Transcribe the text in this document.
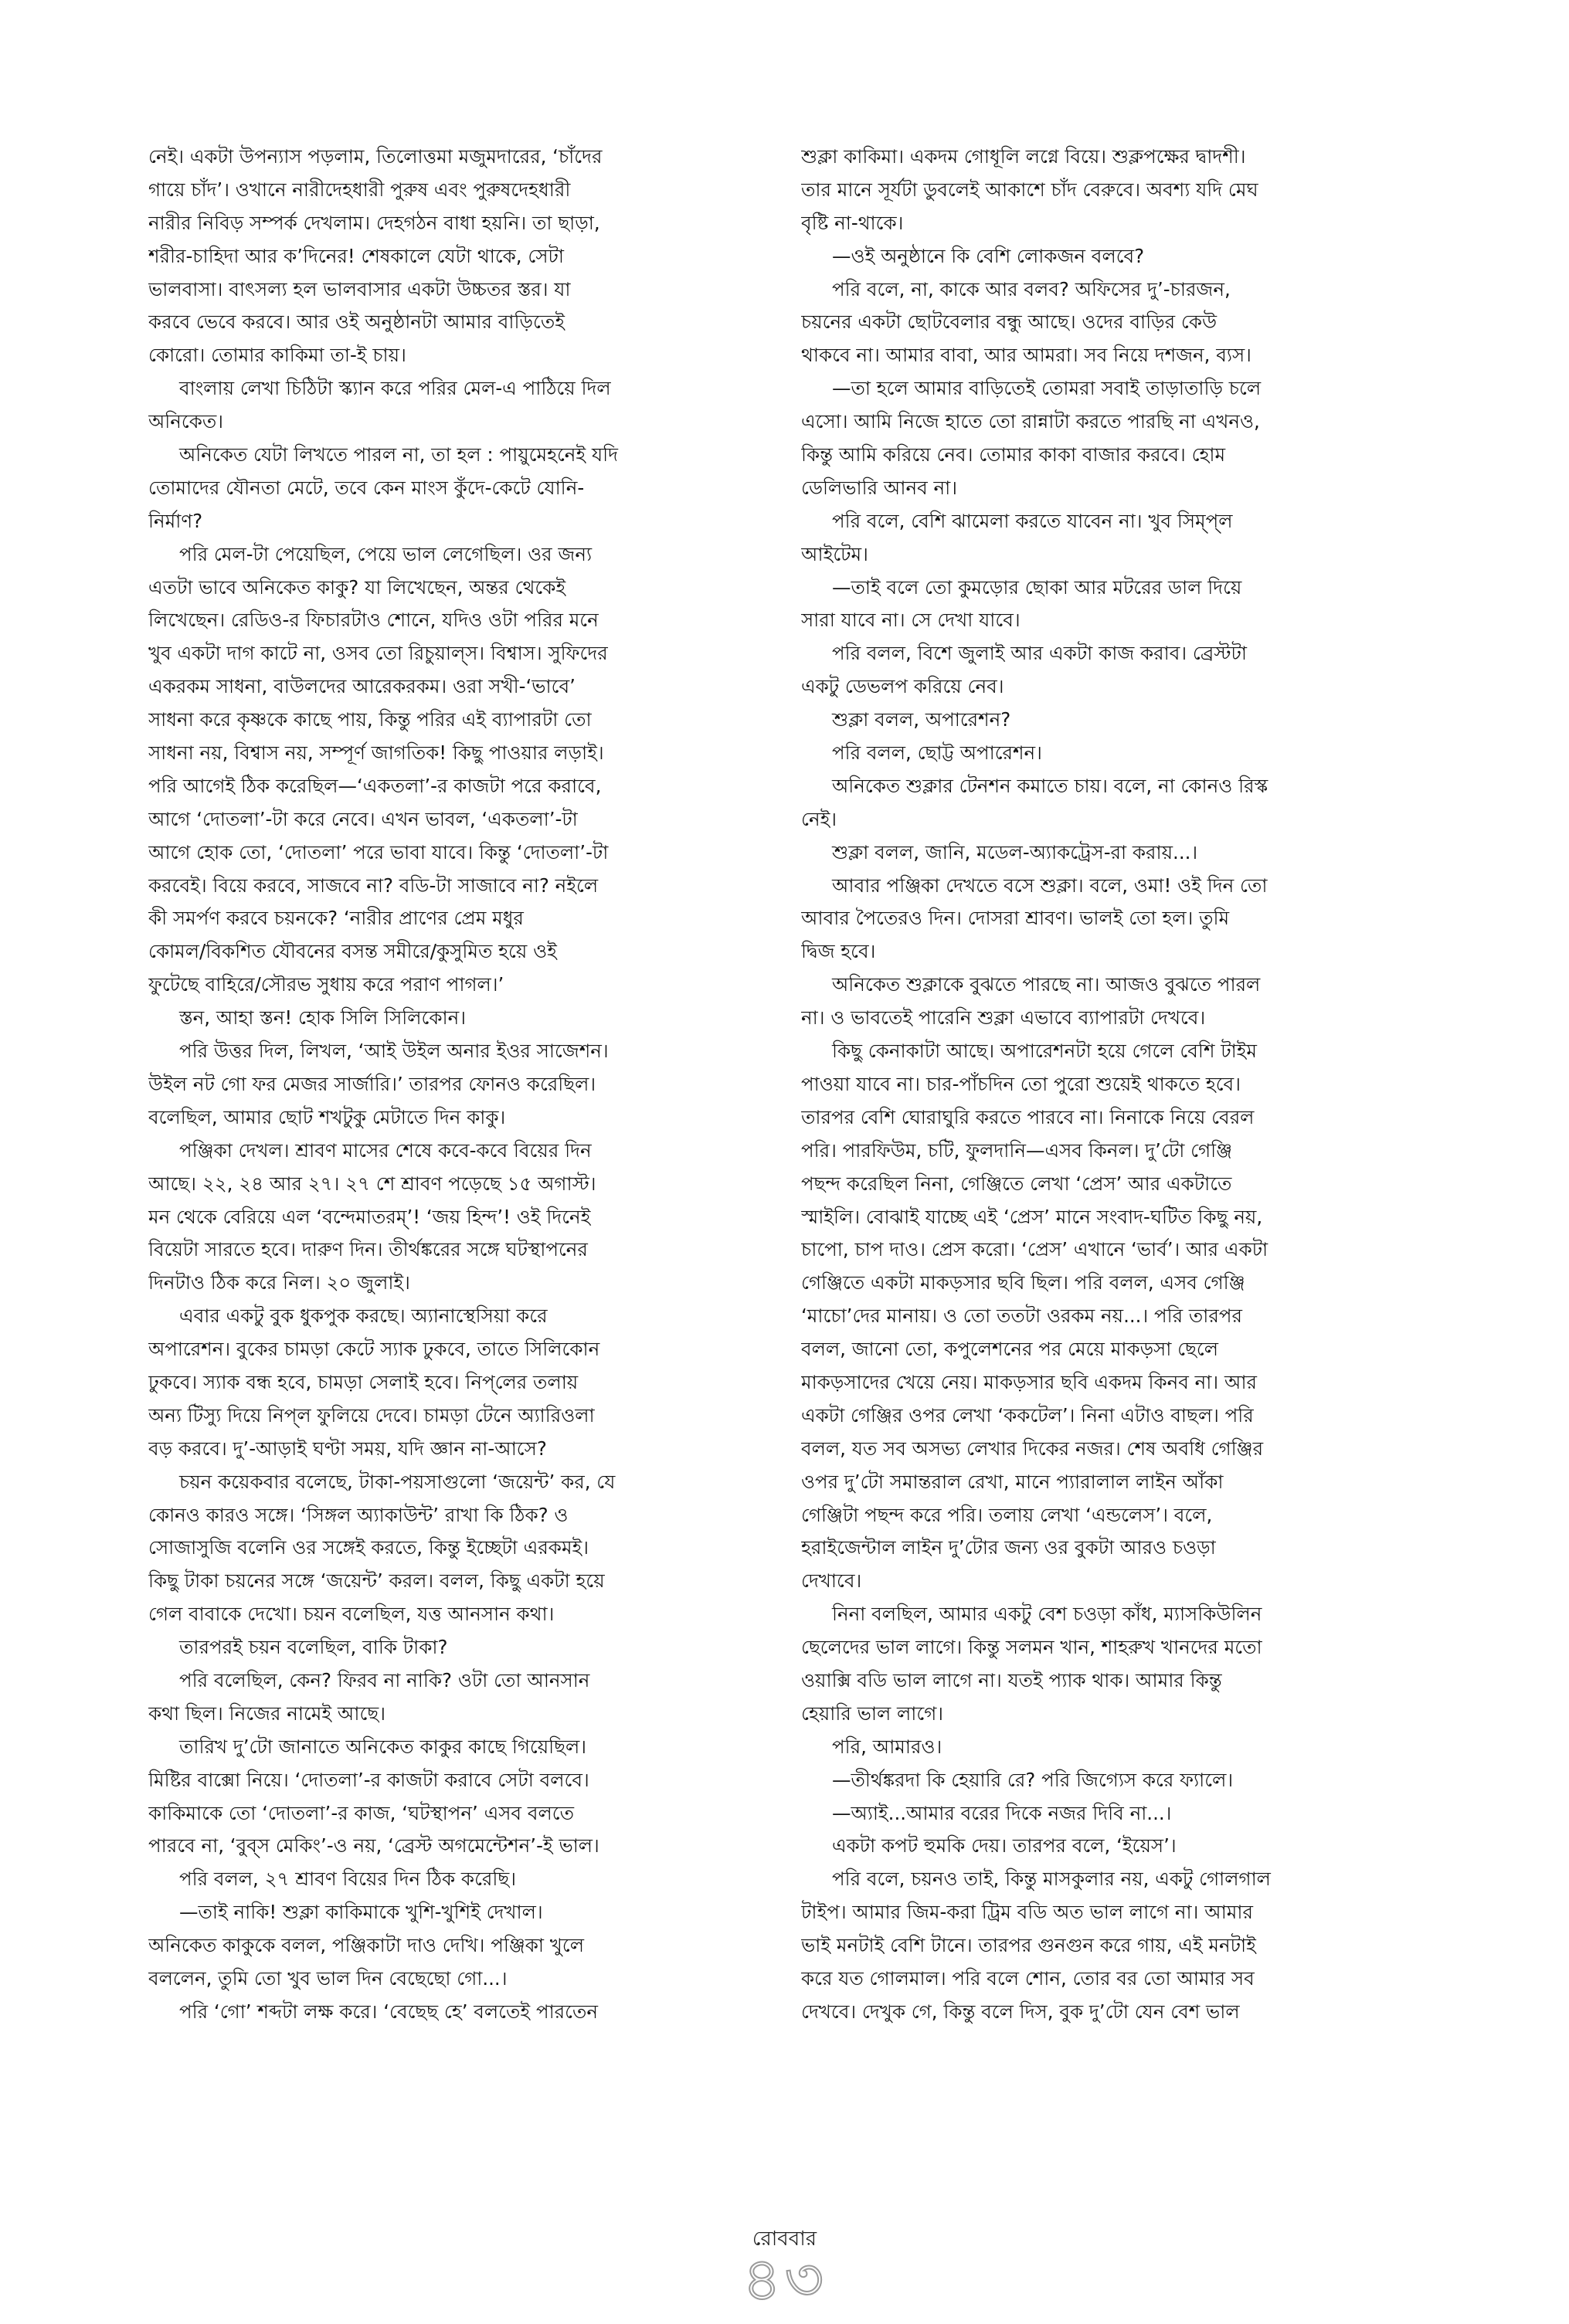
নেই। একটা উপন্যাস পড়লাম, তিলোত্তমা মজুমদারের, ‘চাঁদের
গায়ে চাঁদ’। ওখানে নারীদেহধারী পুরুষ এবং পুরুষদেহধারী
নারীর নিবিড় সম্পর্ক দেখলাম। দেহগঠন বাধা হয়নি। তা ছাড়া,
শরীর-চাহিদা আর ক’দিনের! শেষকালে যেটা থাকে, সেটা
ভালবাসা। বাৎসল্য হল ভালবাসার একটা উচ্চতর স্তর। যা
করবে ভেবে করবে। আর ওই অনুষ্ঠানটা আমার বাড়িতেই
কোরো। তোমার কাকিমা তা-ই চায়।
বাংলায় লেখা চিঠিটা স্ক্যান করে পরির মেল-এ পাঠিয়ে দিল
অনিকেত।
অনিকেত যেটা লিখতে পারল না, তা হল : পায়ুমেহনেই যদি
তোমাদের যৌনতা মেটে, তবে কেন মাংস কুঁদে-কেটে যোনি-
নির্মাণ?
পরি মেল-টা পেয়েছিল, পেয়ে ভাল লেগেছিল। ওর জন্য
এতটা ভাবে অনিকেত কাকু? যা লিখেছেন, অন্তর থেকেই
লিখেছেন। রেডিও-র ফিচারটাও শোনে, যদিও ওটা পরির মনে
খুব একটা দাগ কাটে না, ওসব তো রিচুয়াল্স। বিশ্বাস। সুফিদের
একরকম সাধনা, বাউলদের আরেকরকম। ওরা সখী-‘ভাবে’
সাধনা করে কৃষ্ণকে কাছে পায়, কিন্তু পরির এই ব্যাপারটা তো
সাধনা নয়, বিশ্বাস নয়, সম্পূর্ণ জাগতিক! কিছু পাওয়ার লড়াই।
পরি আগেই ঠিক করেছিল—‘একতলা’-র কাজটা পরে করাবে,
আগে ‘দোতলা’-টা করে নেবে। এখন ভাবল, ‘একতলা’-টা
আগে হোক তো, ‘দোতলা’ পরে ভাবা যাবে। কিন্তু ‘দোতলা’-টা
করবেই। বিয়ে করবে, সাজবে না? বডি-টা সাজাবে না? নইলে
কী সমর্পণ করবে চয়নকে? ‘নারীর প্রাণের প্রেম মধুর
কোমল/বিকশিত যৌবনের বসন্ত সমীরে/কুসুমিত হয়ে ওই
ফুটেছে বাহিরে/সৌরভ সুধায় করে পরাণ পাগল।’
স্তন, আহা স্তন! হোক সিলি সিলিকোন।
পরি উত্তর দিল, লিখল, ‘আই উইল অনার ইওর সাজেশন।
উইল নট গো ফর মেজর সার্জারি।’ তারপর ফোনও করেছিল।
বলেছিল, আমার ছোট শখটুকু মেটাতে দিন কাকু।
পঞ্জিকা দেখল। শ্রাবণ মাসের শেষে কবে-কবে বিয়ের দিন
আছে। ২২, ২৪ আর ২৭। ২৭ শে শ্রাবণ পড়েছে ১৫ অগাস্ট।
মন থেকে বেরিয়ে এল ‘বন্দেমাতরম্’! ‘জয় হিন্দ’! ওই দিনেই
বিয়েটা সারতে হবে। দারুণ দিন। তীর্থঙ্করের সঙ্গে ঘটস্থাপনের
দিনটাও ঠিক করে নিল। ২০ জুলাই।
এবার একটু বুক ধুকপুক করছে। অ্যানাস্থেসিয়া করে
অপারেশন। বুকের চামড়া কেটে স্যাক ঢুকবে, তাতে সিলিকোন
ঢুকবে। স্যাক বন্ধ হবে, চামড়া সেলাই হবে। নিপ্‌লের তলায়
অন্য টিস্যু দিয়ে নিপ্‌ল ফুলিয়ে দেবে। চামড়া টেনে অ্যারিওলা
বড় করবে। দু’-আড়াই ঘণ্টা সময়, যদি জ্ঞান না-আসে?
চয়ন কয়েকবার বলেছে, টাকা-পয়সাগুলো ‘জয়েন্ট’ কর, যে
কোনও কারও সঙ্গে। ‘সিঙ্গল অ্যাকাউন্ট’ রাখা কি ঠিক? ও
সোজাসুজি বলেনি ওর সঙ্গেই করতে, কিন্তু ইচ্ছেটা এরকমই।
কিছু টাকা চয়নের সঙ্গে ‘জয়েন্ট’ করল। বলল, কিছু একটা হয়ে
গেল বাবাকে দেখো। চয়ন বলেছিল, যত্ত আনসান কথা।
তারপরই চয়ন বলেছিল, বাকি টাকা?
পরি বলেছিল, কেন? ফিরব না নাকি? ওটা তো আনসান
কথা ছিল। নিজের নামেই আছে।
তারিখ দু’টো জানাতে অনিকেত কাকুর কাছে গিয়েছিল।
মিষ্টির বাক্সো নিয়ে। ‘দোতলা’-র কাজটা করাবে সেটা বলবে।
কাকিমাকে তো ‘দোতলা’-র কাজ, ‘ঘটস্থাপন’ এসব বলতে
পারবে না, ‘বুব্স মেকিং’-ও নয়, ‘ব্রেস্ট অগমেন্টেশন’-ই ভাল।
পরি বলল, ২৭ শ্রাবণ বিয়ের দিন ঠিক করেছি।
—তাই নাকি! শুক্লা কাকিমাকে খুশি-খুশিই দেখাল।
অনিকেত কাকুকে বলল, পঞ্জিকাটা দাও দেখি। পঞ্জিকা খুলে
বললেন, তুমি তো খুব ভাল দিন বেছেছো গো...।
পরি ‘গো’ শব্দটা লক্ষ করে। ‘বেছেছ হে’ বলতেই পারতেন
শুক্লা কাকিমা। একদম গোধূলি লগ্নে বিয়ে। শুক্লপক্ষের দ্বাদশী।
তার মানে সূর্যটা ডুবলেই আকাশে চাঁদ বেরুবে। অবশ্য যদি মেঘ
বৃষ্টি না-থাকে।
—ওই অনুষ্ঠানে কি বেশি লোকজন বলবে?
পরি বলে, না, কাকে আর বলব? অফিসের দু’-চারজন,
চয়নের একটা ছোটবেলার বন্ধু আছে। ওদের বাড়ির কেউ
থাকবে না। আমার বাবা, আর আমরা। সব নিয়ে দশজন, ব্যস।
—তা হলে আমার বাড়িতেই তোমরা সবাই তাড়াতাড়ি চলে
এসো। আমি নিজে হাতে তো রান্নাটা করতে পারছি না এখনও,
কিন্তু আমি করিয়ে নেব। তোমার কাকা বাজার করবে। হোম
ডেলিভারি আনব না।
পরি বলে, বেশি ঝামেলা করতে যাবেন না। খুব সিম্প্‌ল
আইটেম।
—তাই বলে তো কুমড়োর ছোকা আর মটরের ডাল দিয়ে
সারা যাবে না। সে দেখা যাবে।
পরি বলল, বিশে জুলাই আর একটা কাজ করাব। ব্রেস্টটা
একটু ডেভলপ করিয়ে নেব।
শুক্লা বলল, অপারেশন?
পরি বলল, ছোট্ট অপারেশন।
অনিকেত শুক্লার টেনশন কমাতে চায়। বলে, না কোনও রিস্ক
নেই।
শুক্লা বলল, জানি, মডেল-অ্যাকট্রেস-রা করায়...।
আবার পঞ্জিকা দেখতে বসে শুক্লা। বলে, ওমা! ওই দিন তো
আবার পৈতেরও দিন। দোসরা শ্রাবণ। ভালই তো হল। তুমি
দ্বিজ হবে।
অনিকেত শুক্লাকে বুঝতে পারছে না। আজও বুঝতে পারল
না। ও ভাবতেই পারেনি শুক্লা এভাবে ব্যাপারটা দেখবে।
কিছু কেনাকাটা আছে। অপারেশনটা হয়ে গেলে বেশি টাইম
পাওয়া যাবে না। চার-পাঁচদিন তো পুরো শুয়েই থাকতে হবে।
তারপর বেশি ঘোরাঘুরি করতে পারবে না। নিনাকে নিয়ে বেরল
পরি। পারফিউম, চটি, ফুলদানি—এসব কিনল। দু’টো গেঞ্জি
পছন্দ করেছিল নিনা, গেঞ্জিতে লেখা ‘প্রেস’ আর একটাতে
স্মাইলি। বোঝাই যাচ্ছে এই ‘প্রেস’ মানে সংবাদ-ঘটিত কিছু নয়,
চাপো, চাপ দাও। প্রেস করো। ‘প্রেস’ এখানে ‘ভার্ব’। আর একটা
গেঞ্জিতে একটা মাকড়সার ছবি ছিল। পরি বলল, এসব গেঞ্জি
‘মাচো’দের মানায়। ও তো ততটা ওরকম নয়...। পরি তারপর
বলল, জানো তো, কপুলেশনের পর মেয়ে মাকড়সা ছেলে
মাকড়সাদের খেয়ে নেয়। মাকড়সার ছবি একদম কিনব না। আর
একটা গেঞ্জির ওপর লেখা ‘ককটেল’। নিনা এটাও বাছল। পরি
বলল, যত সব অসভ্য লেখার দিকের নজর। শেষ অবধি গেঞ্জির
ওপর দু’টো সমান্তরাল রেখা, মানে প্যারালাল লাইন আঁকা
গেঞ্জিটা পছন্দ করে পরি। তলায় লেখা ‘এন্ডলেস’। বলে,
হরাইজেন্টাল লাইন দু’টোর জন্য ওর বুকটা আরও চওড়া
দেখাবে।
নিনা বলছিল, আমার একটু বেশ চওড়া কাঁধ, ম্যাসকিউলিন
ছেলেদের ভাল লাগে। কিন্তু সলমন খান, শাহরুখ খানদের মতো
ওয়াক্সি বডি ভাল লাগে না। যতই প্যাক থাক। আমার কিন্তু
হেয়ারি ভাল লাগে।
পরি, আমারও।
—তীর্থঙ্করদা কি হেয়ারি রে? পরি জিগ্যেস করে ফ্যালে।
—অ্যাই...আমার বরের দিকে নজর দিবি না...।
একটা কপট হুমকি দেয়। তারপর বলে, ‘ইয়েস’।
পরি বলে, চয়নও তাই, কিন্তু মাসকুলার নয়, একটু গোলগাল
টাইপ। আমার জিম-করা ট্রিম বডি অত ভাল লাগে না। আমার
ভাই মনটাই বেশি টানে। তারপর গুনগুন করে গায়, এই মনটাই
করে যত গোলমাল। পরি বলে শোন, তোর বর তো আমার সব
দেখবে। দেখুক গে, কিন্তু বলে দিস, বুক দু’টো যেন বেশ ভাল
রোববার
৪৩
